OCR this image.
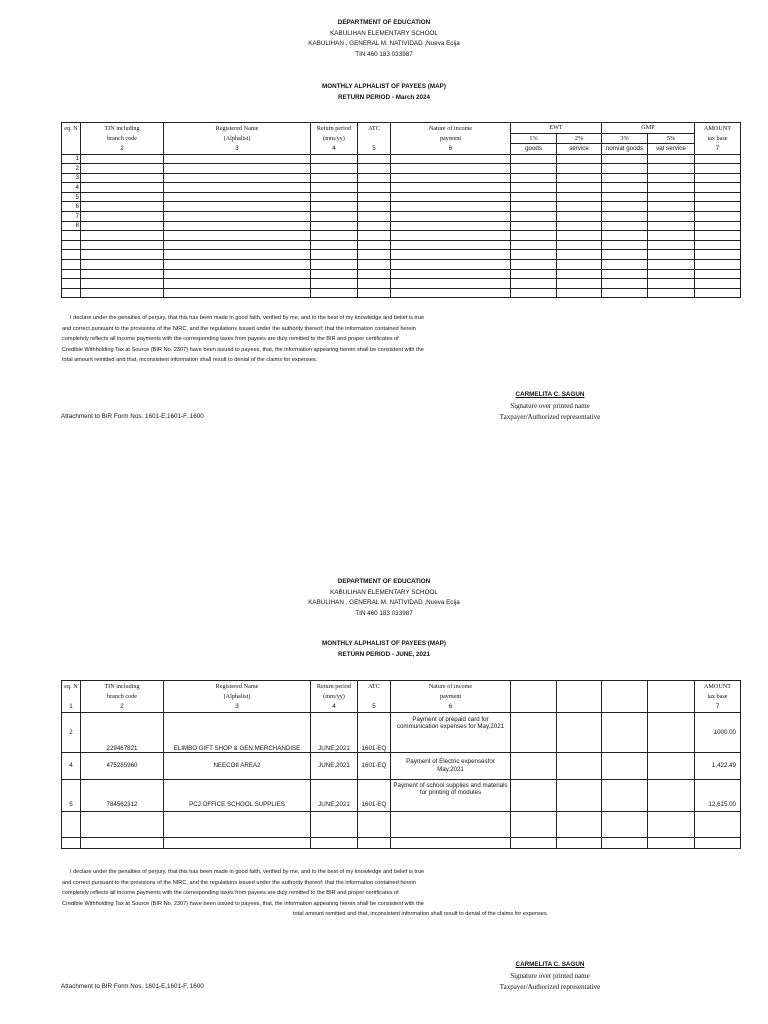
DEPARTMENT OF EDUCATION
KABULIHAN ELEMENTARY SCHOOL
KABULIHAN , GENERAL M. NATIVIDAD ,Nueva Ecija
TIN 460 183 033987
MONTHLY ALPHALIST OF PAYEES (MAP)
RETURN PERIOD - March 2024
eq. N	TIN including	Registered Name	Return period	ATC	Nature of income	EWT		GMP		AMOUNT
	branch code	(Alphalist)	(mm/yy)		payment	1%	2%	3%	5%	tax base
	2	3	4	5	6	goods	service	nonvat goods	vat service	7
1										
2										
3										
4										
5										
6										
7										
8										

I declare under the penalties of perjury, that this has been made in good faith, verified by me, and to the best of my knowledge and belief is true
and correct pursuant to the provisions of the NIRC, and the regulations issued under the authority thereof; that the information contained herein
completely reflects all income payments with the corresponding taxes from payees are duly remitted to the BIR and proper certificates of
Credible Withholding Tax at Source (BIR No. 2307) have been issued to payees, that, the information appearing herein shall be consistent with the
total amount remitted and that, inconsistent information shall result to denial of the claims for expenses.
CARMELITA C. SAGUN
Signature over printed name
Taxpayer/Authorized representative
Attachment to BIR Form Nos. 1601-E,1601-F, 1600
DEPARTMENT OF EDUCATION
KABULIHAN ELEMENTARY SCHOOL
KABULIHAN , GENERAL M. NATIVIDAD ,Nueva Ecija
TIN 460 183 033987
MONTHLY ALPHALIST OF PAYEES (MAP)
RETURN PERIOD - JUNE, 2021
eq. N	TIN including	Registered Name	Return period	ATC	Nature of income					AMOUNT
	branch code	(Alphalist)	(mm/yy)		payment					tax base
1	2	3	4	5	6					7
2	229467821	ELIMBO GIFT SHOP & GEN.MERCHANDISE	JUNE,2021	1601-EQ	Payment of prepaid card for communication expenses for May,2021					1000.00
4	475285960	NEECOII AREA2	JUNE,2021	1601-EQ	Payment of Electric expensesfor May,2021					1,422.49
5	784562312	PCJ OFFICE SCHOOL SUPPLIES	JUNE,2021	1601-EQ	Payment of school supplies and materials for printing of modules					12,615.00

I declare under the penalties of perjury, that this has been made in good faith, verified by me, and to the best of my knowledge and belief is true
and correct pursuant to the provisions of the NIRC, and the regulations issued under the authority thereof; that the information contained herein
completely reflects all income payments with the corresponding taxes from payees are duly remitted to the BIR and proper certificates of
Credible Withholding Tax at Source (BIR No. 2307) have been issued to payees, that, the information appearing herein shall be consistent with the
total amount remitted and that, inconsistent information shall result to denial of the claims for expenses.
CARMELITA C. SAGUN
Signature over printed name
Taxpayer/Authorized representative
Attachment to BIR Form Nos. 1601-E,1601-F, 1600
